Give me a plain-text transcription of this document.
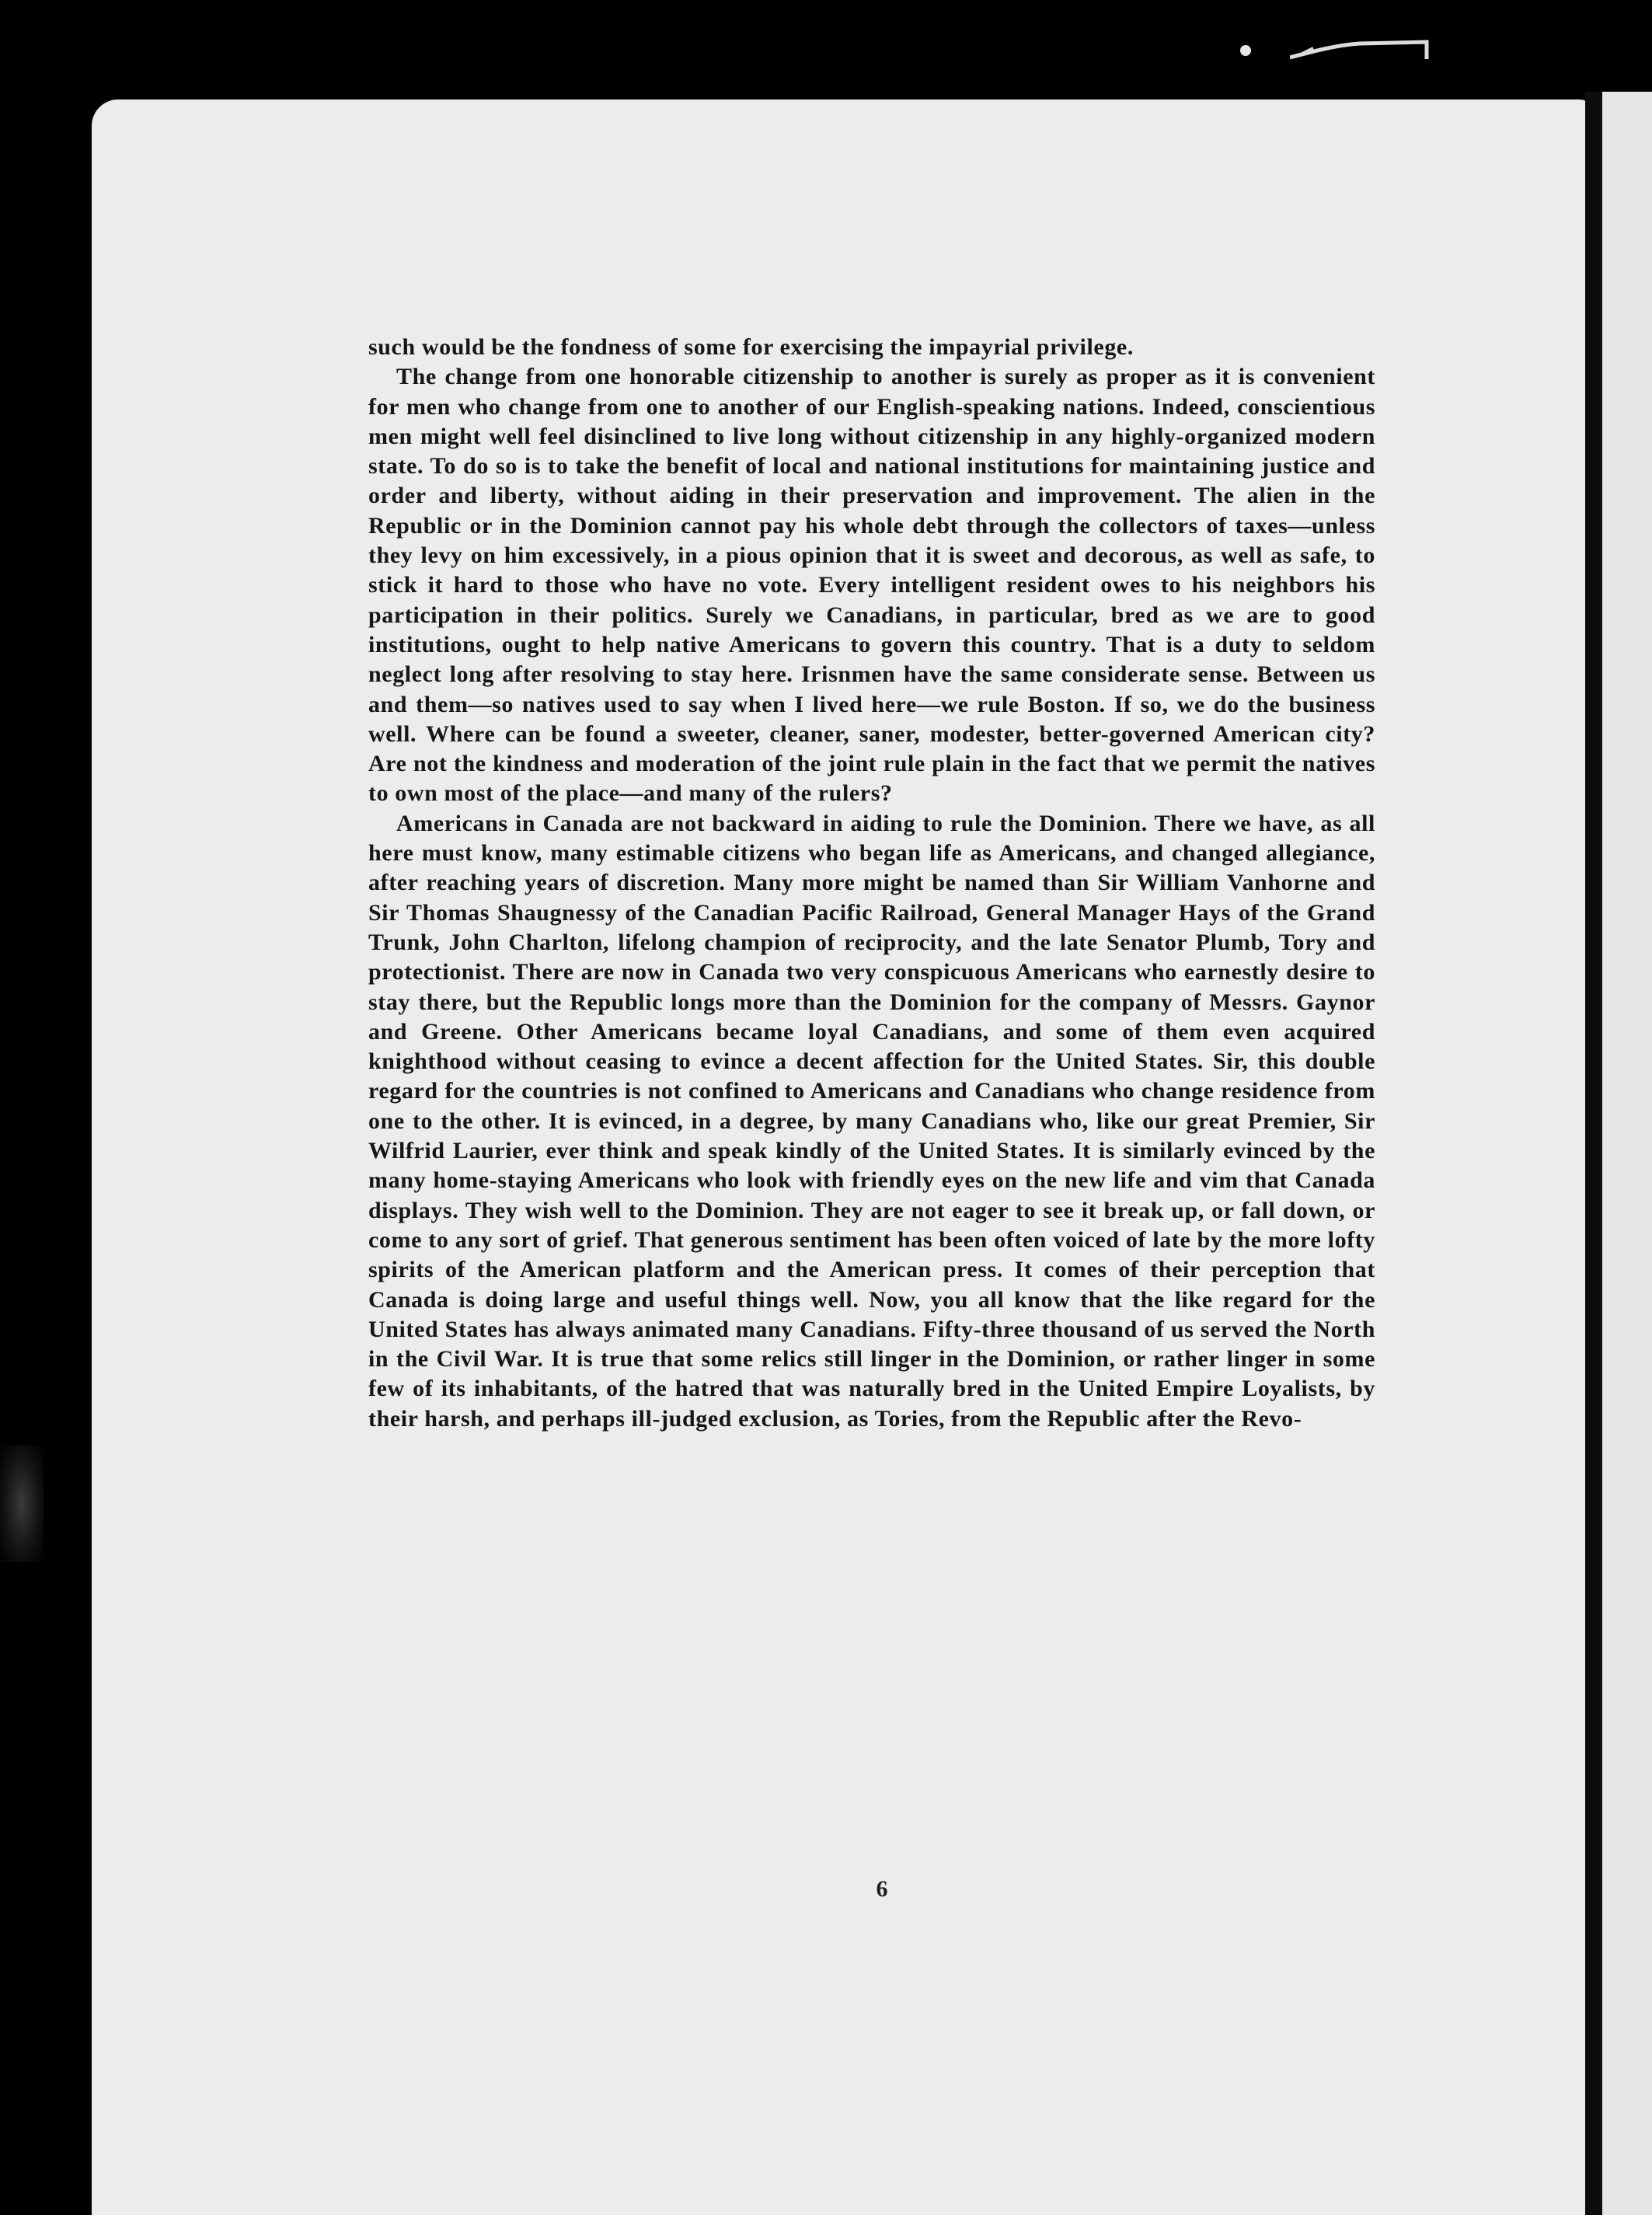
such would be the fondness of some for exercising the impayrial privilege.

The change from one honorable citizenship to another is surely as proper as it is convenient for men who change from one to another of our English-speaking nations. Indeed, conscientious men might well feel disinclined to live long without citizenship in any highly-organized modern state. To do so is to take the benefit of local and national institutions for maintaining justice and order and liberty, without aiding in their preservation and improvement. The alien in the Republic or in the Dominion cannot pay his whole debt through the collectors of taxes—unless they levy on him excessively, in a pious opinion that it is sweet and decorous, as well as safe, to stick it hard to those who have no vote. Every intelligent resident owes to his neighbors his participation in their politics. Surely we Canadians, in particular, bred as we are to good institutions, ought to help native Americans to govern this country. That is a duty to seldom neglect long after resolving to stay here. Irisnmen have the same considerate sense. Between us and them—so natives used to say when I lived here—we rule Boston. If so, we do the business well. Where can be found a sweeter, cleaner, saner, modester, better-governed American city? Are not the kindness and moderation of the joint rule plain in the fact that we permit the natives to own most of the place—and many of the rulers?

Americans in Canada are not backward in aiding to rule the Dominion. There we have, as all here must know, many estimable citizens who began life as Americans, and changed allegiance, after reaching years of discretion. Many more might be named than Sir William Vanhorne and Sir Thomas Shaugnessy of the Canadian Pacific Railroad, General Manager Hays of the Grand Trunk, John Charlton, lifelong champion of reciprocity, and the late Senator Plumb, Tory and protectionist. There are now in Canada two very conspicuous Americans who earnestly desire to stay there, but the Republic longs more than the Dominion for the company of Messrs. Gaynor and Greene. Other Americans became loyal Canadians, and some of them even acquired knighthood without ceasing to evince a decent affection for the United States. Sir, this double regard for the countries is not confined to Americans and Canadians who change residence from one to the other. It is evinced, in a degree, by many Canadians who, like our great Premier, Sir Wilfrid Laurier, ever think and speak kindly of the United States. It is similarly evinced by the many home-staying Americans who look with friendly eyes on the new life and vim that Canada displays. They wish well to the Dominion. They are not eager to see it break up, or fall down, or come to any sort of grief. That generous sentiment has been often voiced of late by the more lofty spirits of the American platform and the American press. It comes of their perception that Canada is doing large and useful things well. Now, you all know that the like regard for the United States has always animated many Canadians. Fifty-three thousand of us served the North in the Civil War. It is true that some relics still linger in the Dominion, or rather linger in some few of its inhabitants, of the hatred that was naturally bred in the United Empire Loyalists, by their harsh, and perhaps ill-judged exclusion, as Tories, from the Republic after the Revo-

6
